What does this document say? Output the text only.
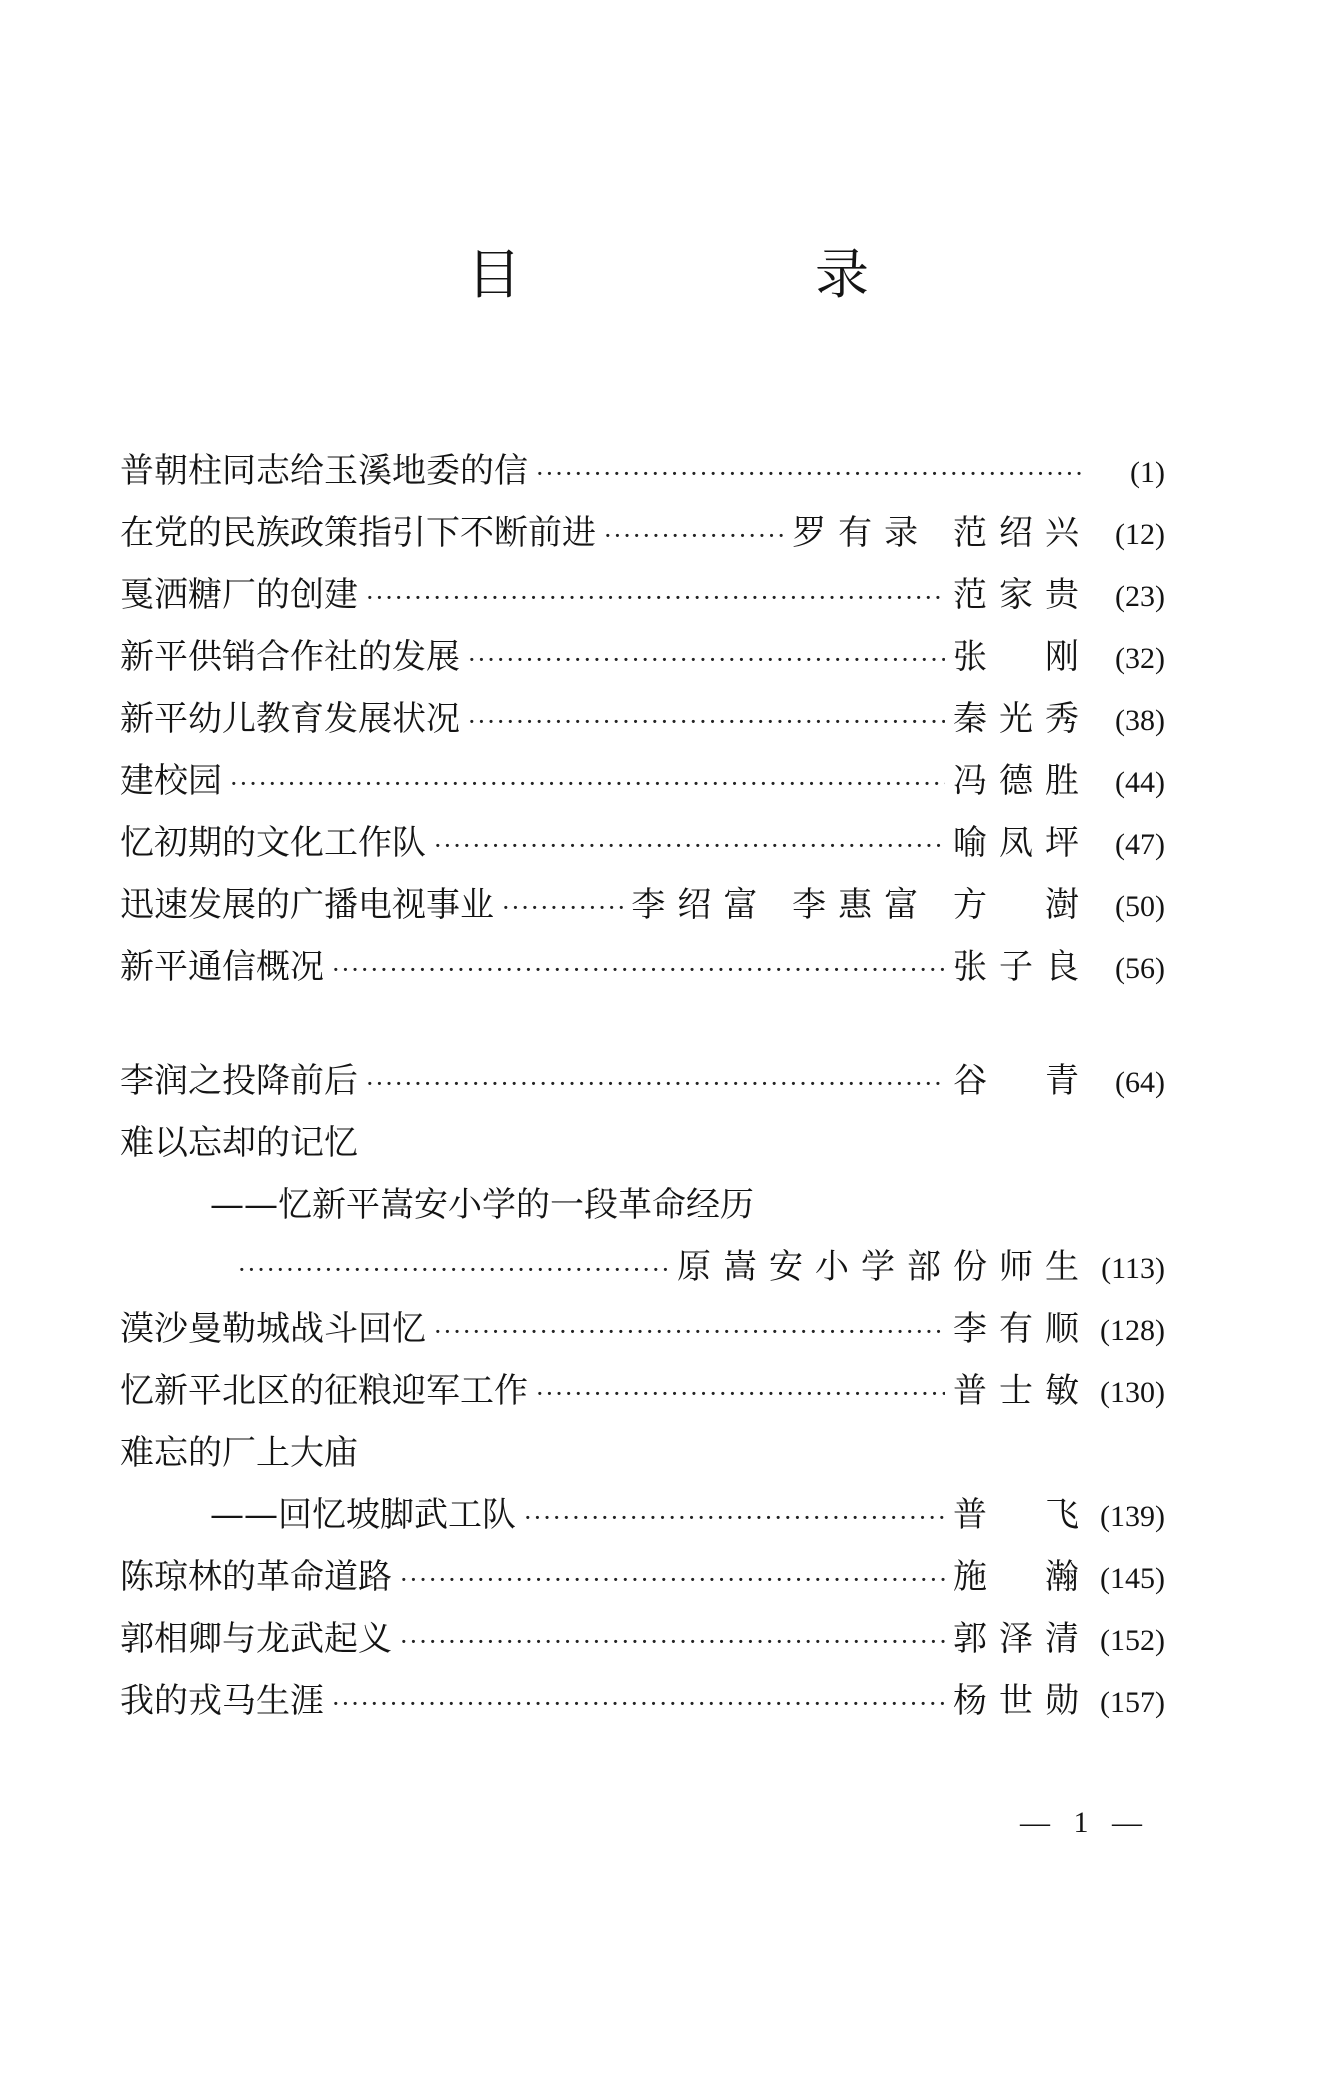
目　录
普朝柱同志给玉溪地委的信 ·····	(1)
在党的民族政策指引下不断前进 ·····	罗有录 范绍兴 (12)
戛洒糖厂的创建 ·····	范家贵 (23)
新平供销合作社的发展 ·····	张　刚 (32)
新平幼儿教育发展状况 ·····	秦光秀 (38)
建校园 ·····	冯德胜 (44)
忆初期的文化工作队 ·····	喻凤坪 (47)
迅速发展的广播电视事业 ·····	李绍富 李惠富 方　澍 (50)
新平通信概况 ·····	张子良 (56)
李润之投降前后 ·····	谷　青 (64)
难以忘却的记忆
——忆新平嵩安小学的一段革命经历
·····
原嵩安小学部份师生 (113)
漠沙曼勒城战斗回忆 ·····	李有顺 (128)
忆新平北区的征粮迎军工作 ·····	普士敏 (130)
难忘的厂上大庙
——回忆坡脚武工队 ·····	普　飞 (139)
陈琼林的革命道路 ·····	施　瀚 (145)
郭相卿与龙武起义 ·····	郭泽清 (152)
我的戎马生涯 ·····	杨世勋 (157)
— 1 —
